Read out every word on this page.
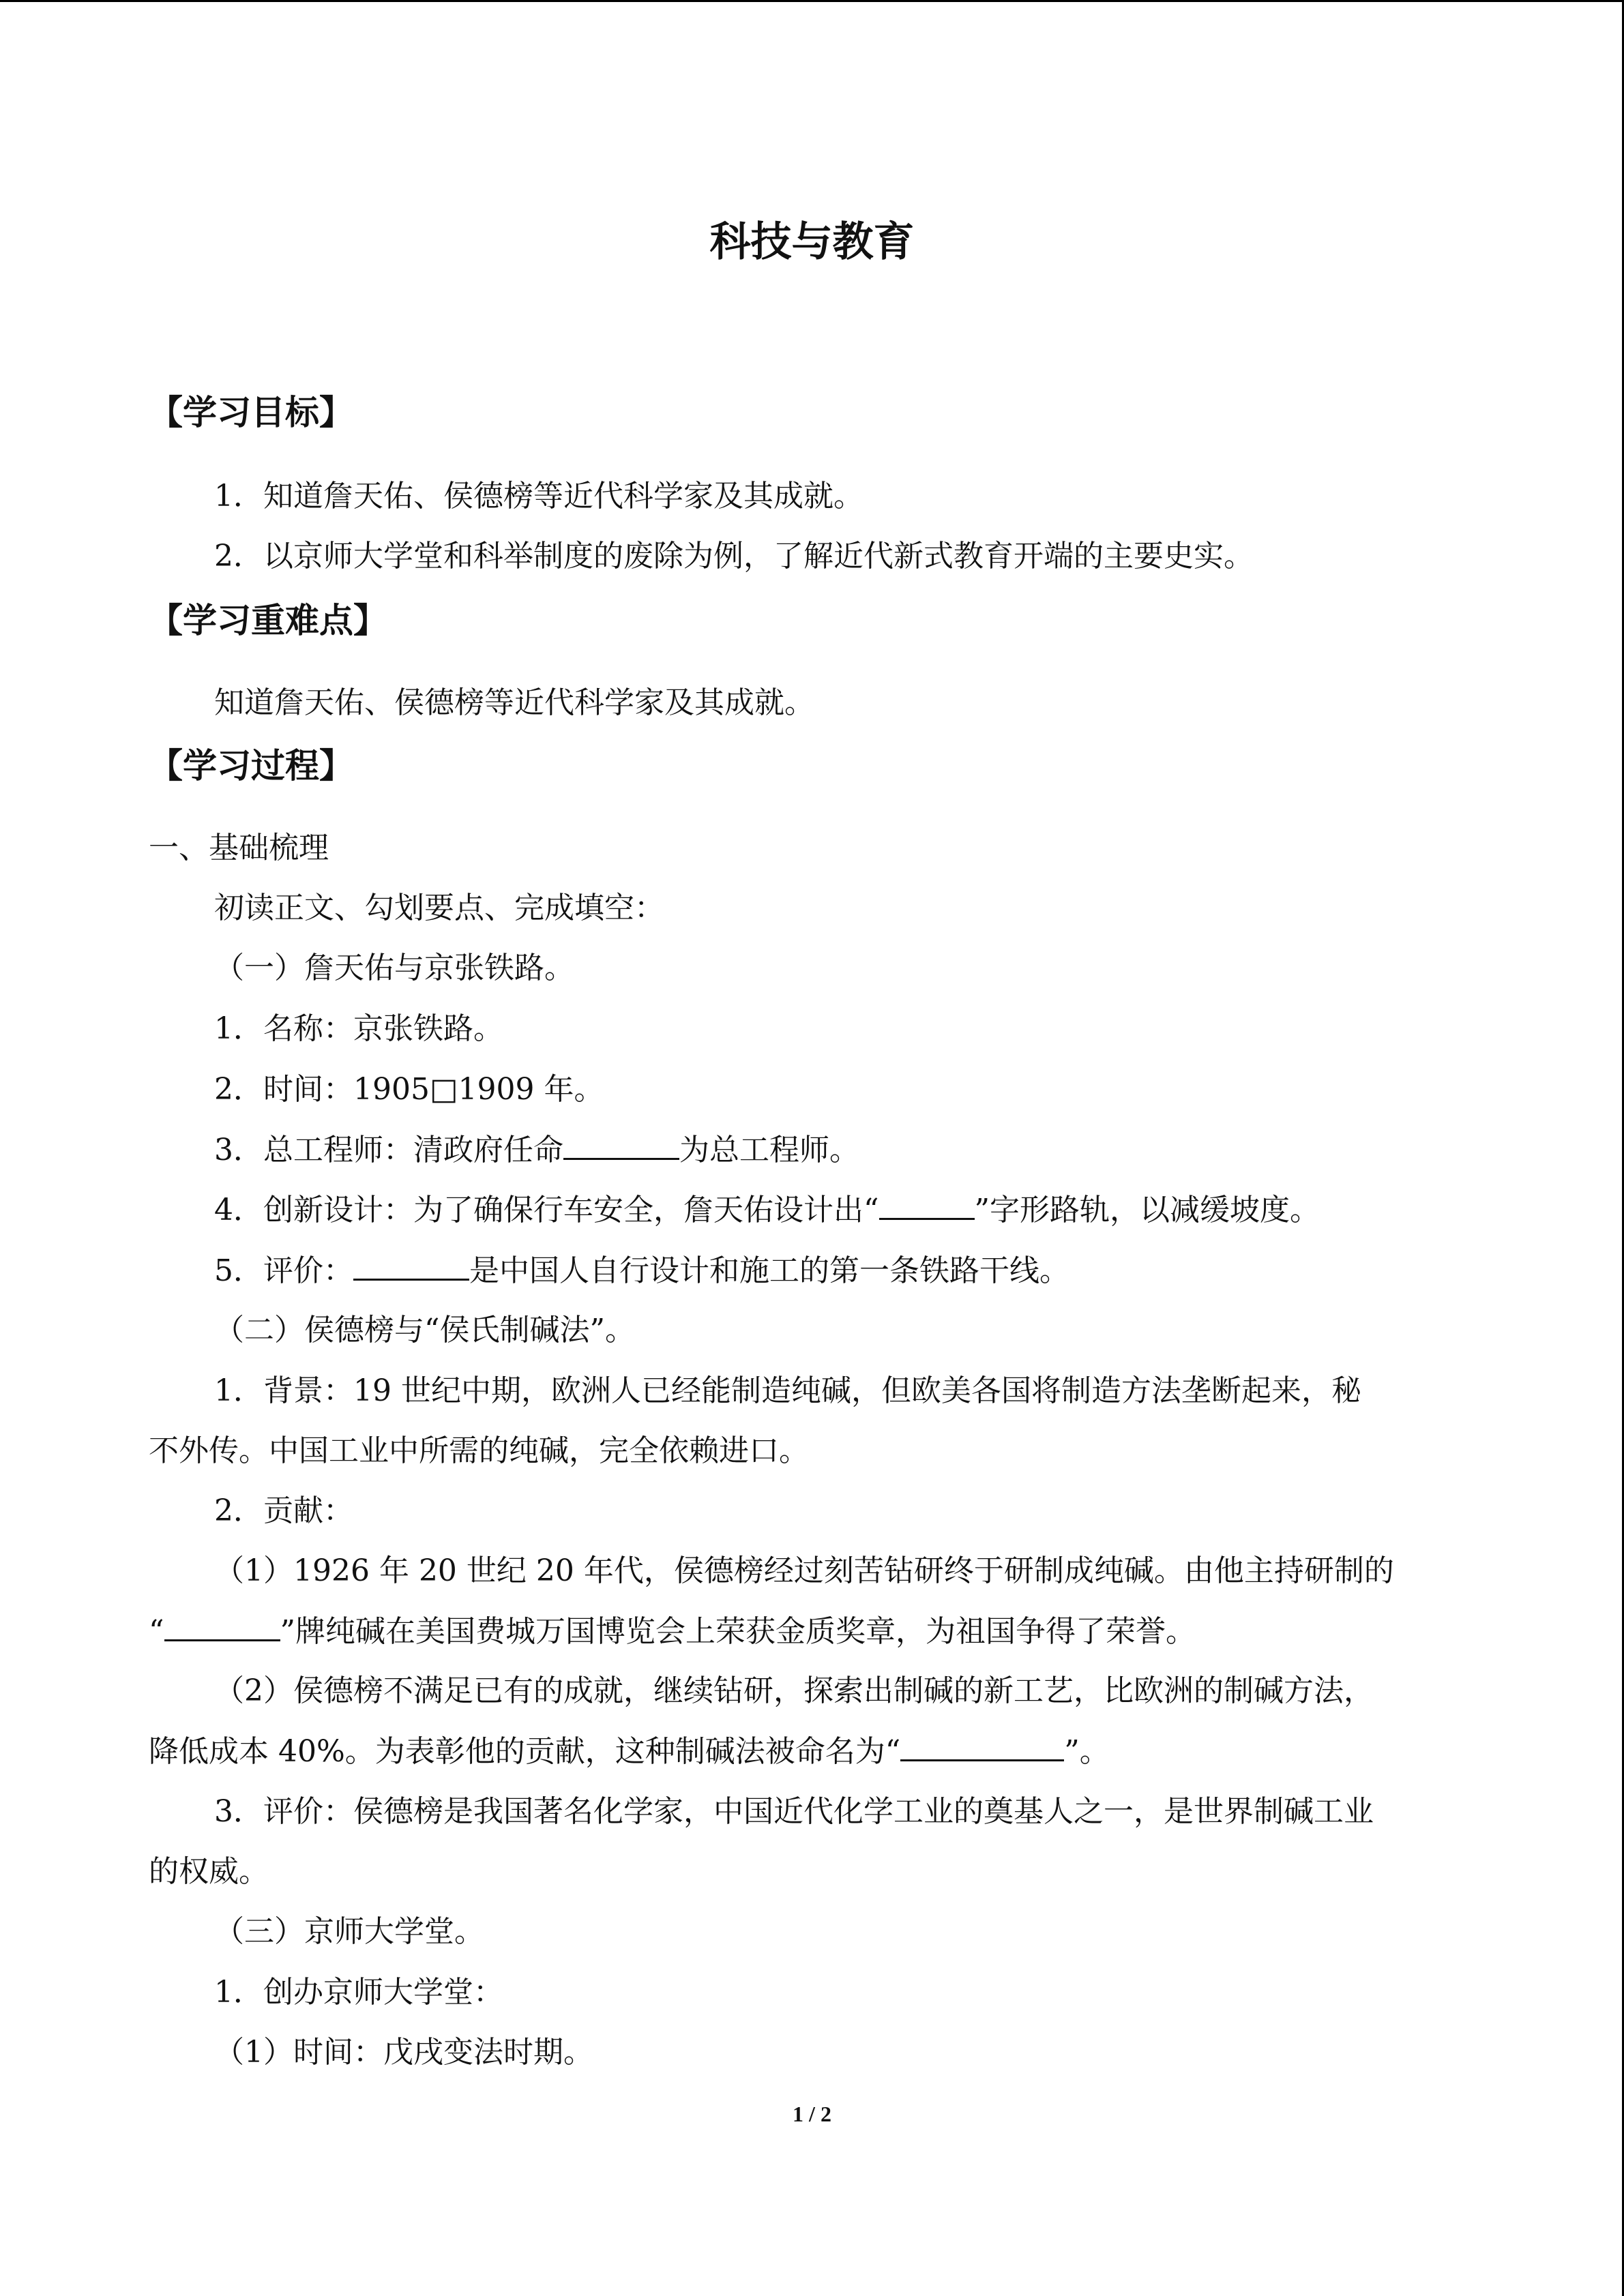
科技与教育
【学习目标】
1．知道詹天佑、侯德榜等近代科学家及其成就。
2．以京师大学堂和科举制度的废除为例，了解近代新式教育开端的主要史实。
【学习重难点】
知道詹天佑、侯德榜等近代科学家及其成就。
【学习过程】
一、基础梳理
初读正文、勾划要点、完成填空：
（一）詹天佑与京张铁路。
1．名称：京张铁路。
2．时间：1905□1909 年。
3．总工程师：清政府任命	为总工程师。
4．创新设计：为了确保行车安全，詹天佑设计出“	”字形路轨，以减缓坡度。
5．评价：	是中国人自行设计和施工的第一条铁路干线。
（二）侯德榜与“侯氏制碱法”。
1．背景：19 世纪中期，欧洲人已经能制造纯碱，但欧美各国将制造方法垄断起来，秘
不外传。中国工业中所需的纯碱，完全依赖进口。
2．贡献：
（1）1926 年 20 世纪 20 年代，侯德榜经过刻苦钻研终于研制成纯碱。由他主持研制的
“	”牌纯碱在美国费城万国博览会上荣获金质奖章，为祖国争得了荣誉。
（2）侯德榜不满足已有的成就，继续钻研，探索出制碱的新工艺，比欧洲的制碱方法，
降低成本 40%。为表彰他的贡献，这种制碱法被命名为“	”。
3．评价：侯德榜是我国著名化学家，中国近代化学工业的奠基人之一，是世界制碱工业
的权威。
（三）京师大学堂。
1．创办京师大学堂：
（1）时间：戊戌变法时期。
1 / 2
